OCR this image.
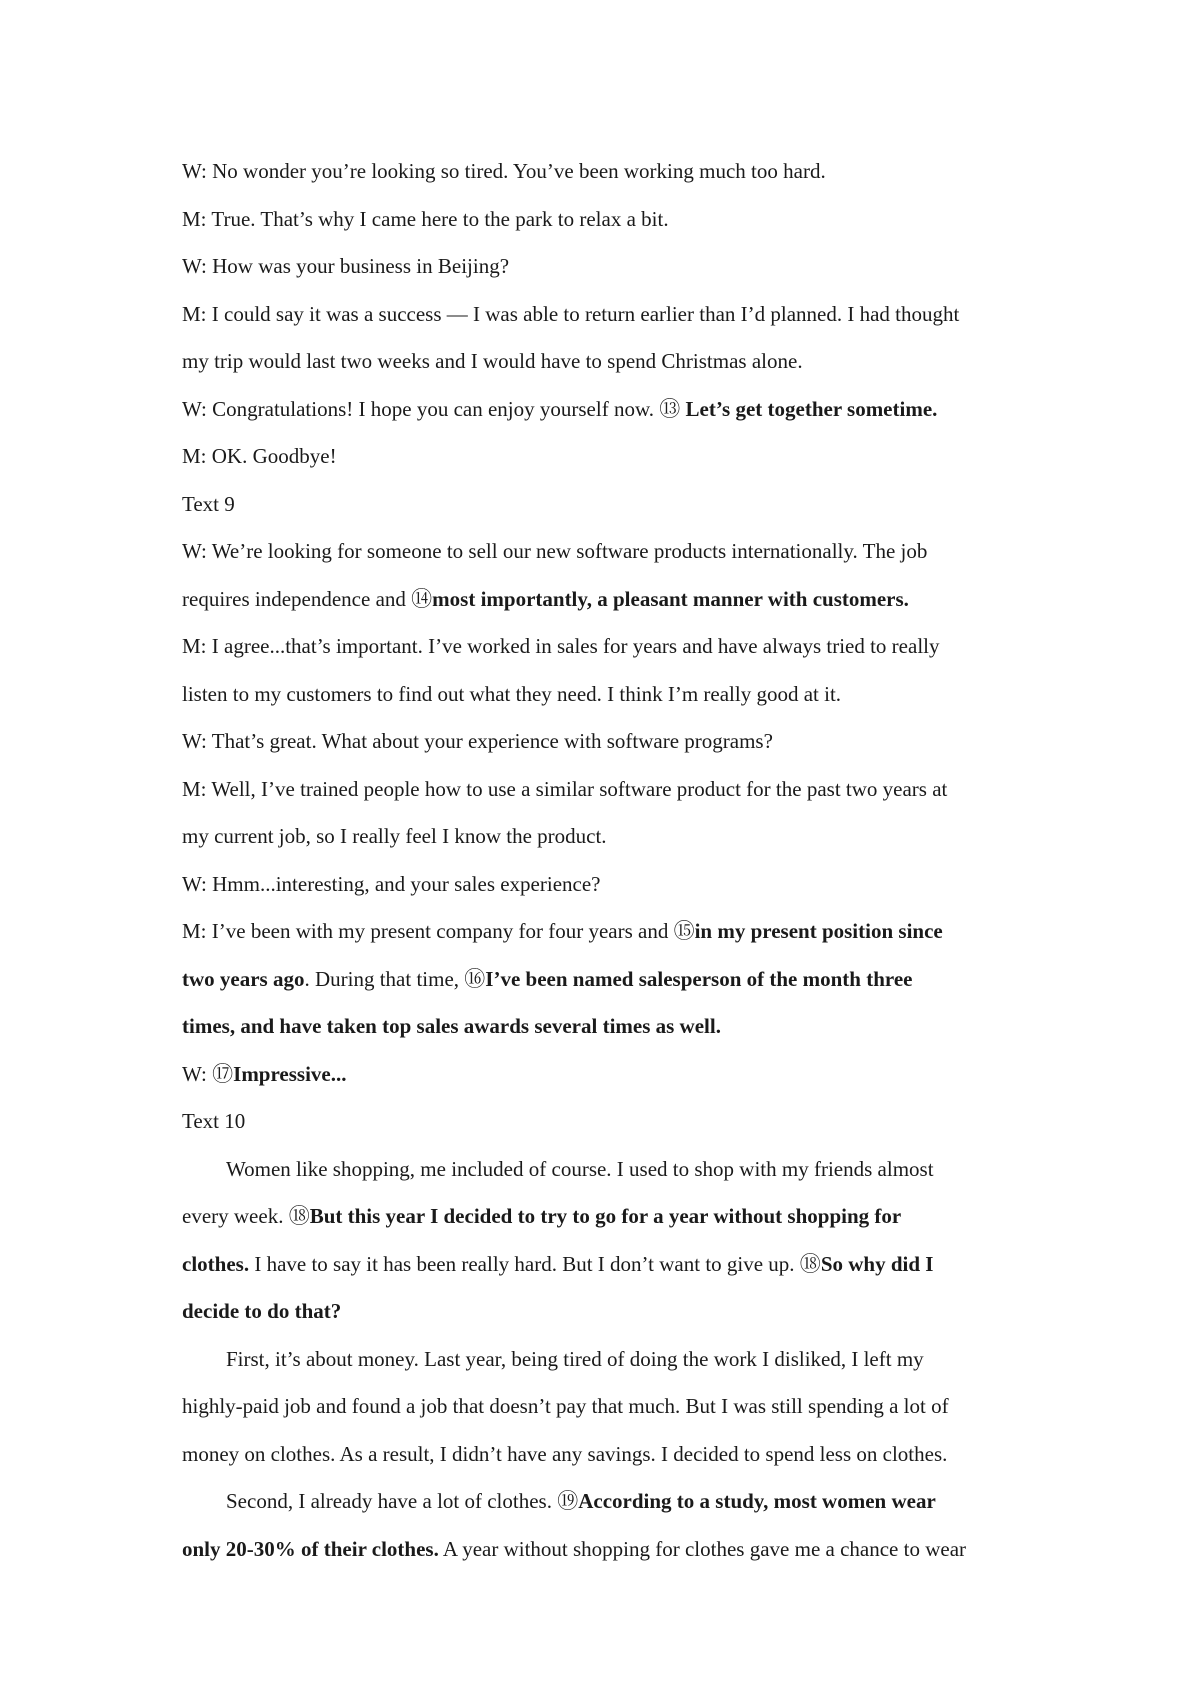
W: No wonder you’re looking so tired. You’ve been working much too hard.
M: True. That’s why I came here to the park to relax a bit.
W: How was your business in Beijing?
M: I could say it was a success — I was able to return earlier than I’d planned. I had thought
my trip would last two weeks and I would have to spend Christmas alone.
W: Congratulations! I hope you can enjoy yourself now. ⑬ Let’s get together sometime.
M: OK. Goodbye!
Text 9
W: We’re looking for someone to sell our new software products internationally. The job
requires independence and ⑭most importantly, a pleasant manner with customers.
M: I agree...that’s important. I’ve worked in sales for years and have always tried to really
listen to my customers to find out what they need. I think I’m really good at it.
W: That’s great. What about your experience with software programs?
M: Well, I’ve trained people how to use a similar software product for the past two years at
my current job, so I really feel I know the product.
W: Hmm...interesting, and your sales experience?
M: I’ve been with my present company for four years and ⑮in my present position since
two years ago. During that time, ⑯I’ve been named salesperson of the month three
times, and have taken top sales awards several times as well.
W: ⑰Impressive...
Text 10
Women like shopping, me included of course. I used to shop with my friends almost
every week. ⑱But this year I decided to try to go for a year without shopping for
clothes. I have to say it has been really hard. But I don’t want to give up. ⑱So why did I
decide to do that?
First, it’s about money. Last year, being tired of doing the work I disliked, I left my
highly-paid job and found a job that doesn’t pay that much. But I was still spending a lot of
money on clothes. As a result, I didn’t have any savings. I decided to spend less on clothes.
Second, I already have a lot of clothes. ⑲According to a study, most women wear
only 20-30% of their clothes. A year without shopping for clothes gave me a chance to wear
